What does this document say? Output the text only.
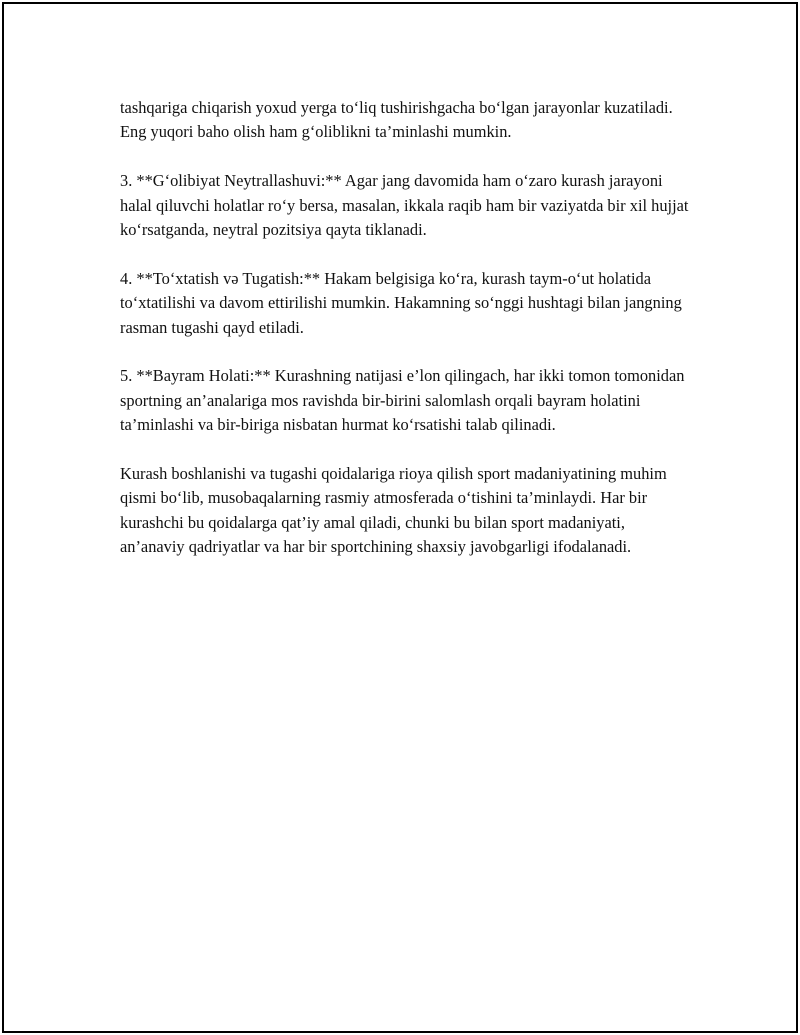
tashqariga chiqarish yoxud yerga to‘liq tushirishgacha bo‘lgan jarayonlar kuzatiladi. Eng yuqori baho olish ham g‘oliblikni ta’minlashi mumkin.

3. **G‘olibiyat Neytrallashuvi:** Agar jang davomida ham o‘zaro kurash jarayoni halal qiluvchi holatlar ro‘y bersa, masalan, ikkala raqib ham bir vaziyatda bir xil hujjat ko‘rsatganda, neytral pozitsiya qayta tiklanadi.

4. **To‘xtatish və Tugatish:** Hakam belgisiga ko‘ra, kurash taym-o‘ut holatida to‘xtatilishi va davom ettirilishi mumkin. Hakamning so‘nggi hushtagi bilan jangning rasman tugashi qayd etiladi.

5. **Bayram Holati:** Kurashning natijasi e’lon qilingach, har ikki tomon tomonidan sportning an’analariga mos ravishda bir-birini salomlash orqali bayram holatini ta’minlashi va bir-biriga nisbatan hurmat ko‘rsatishi talab qilinadi.

Kurash boshlanishi va tugashi qoidalariga rioya qilish sport madaniyatining muhim qismi bo‘lib, musobaqalarning rasmiy atmosferada o‘tishini ta’minlaydi. Har bir kurashchi bu qoidalarga qat’iy amal qiladi, chunki bu bilan sport madaniyati, an’anaviy qadriyatlar va har bir sportchining shaxsiy javobgarligi ifodalanadi.
